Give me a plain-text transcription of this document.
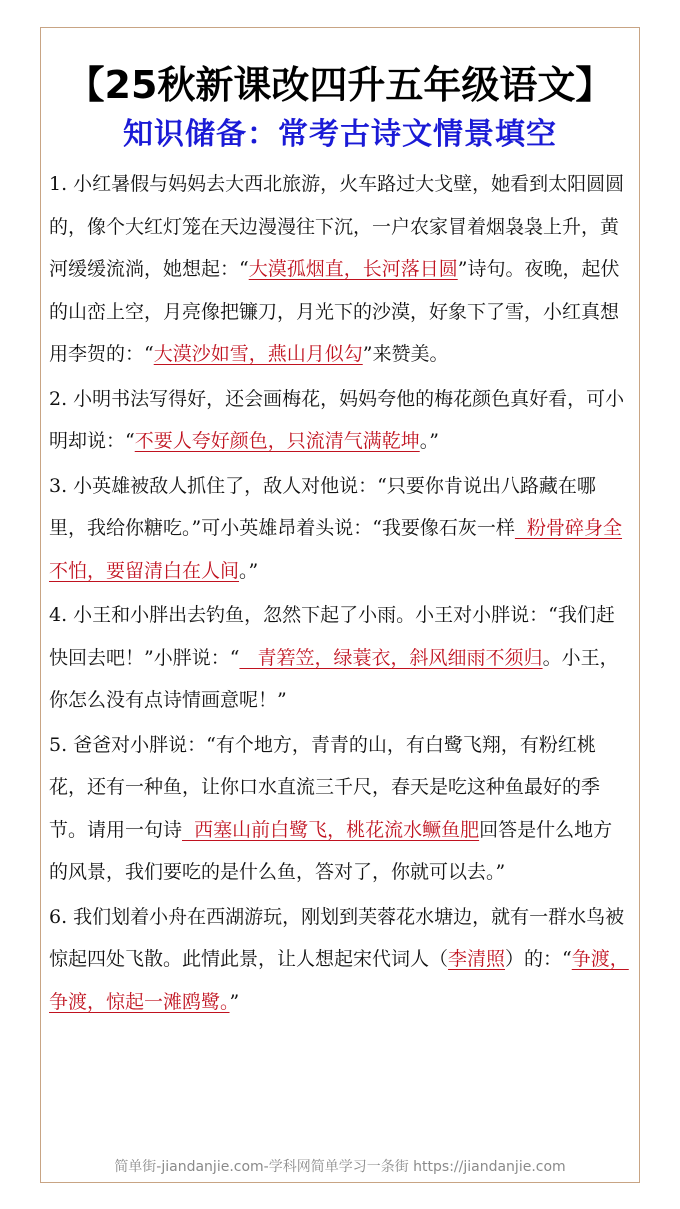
【25秋新课改四升五年级语文】
知识储备：常考古诗文情景填空

1. 小红暑假与妈妈去大西北旅游，火车路过大戈壁，她看到太阳圆圆的，像个大红灯笼在天边漫漫往下沉，一户农家冒着烟袅袅上升，黄河缓缓流淌，她想起：“大漠孤烟直，长河落日圆”诗句。夜晚，起伏的山峦上空，月亮像把镰刀，月光下的沙漠，好象下了雪，小红真想用李贺的：“大漠沙如雪，燕山月似勾”来赞美。

2. 小明书法写得好，还会画梅花，妈妈夸他的梅花颜色真好看，可小明却说：“不要人夸好颜色，只流清气满乾坤。”

3. 小英雄被敌人抓住了，敌人对他说：“只要你肯说出八路藏在哪里，我给你糖吃。”可小英雄昂着头说：“我要像石灰一样  粉骨碎身全不怕，要留清白在人间。”

4. 小王和小胖出去钓鱼，忽然下起了小雨。小王对小胖说：“我们赶快回去吧！”小胖说：“   青箬笠，绿蓑衣，斜风细雨不须归。小王，你怎么没有点诗情画意呢！”

5. 爸爸对小胖说：“有个地方，青青的山，有白鹭飞翔，有粉红桃花，还有一种鱼，让你口水直流三千尺，春天是吃这种鱼最好的季节。请用一句诗  西塞山前白鹭飞，桃花流水鳜鱼肥回答是什么地方的风景，我们要吃的是什么鱼，答对了，你就可以去。”

6. 我们划着小舟在西湖游玩，刚划到芙蓉花水塘边，就有一群水鸟被惊起四处飞散。此情此景，让人想起宋代词人（李清照）的：“争渡，争渡，惊起一滩鸥鹭。”

简单街-jiandanjie.com-学科网简单学习一条街 https://jiandanjie.com
